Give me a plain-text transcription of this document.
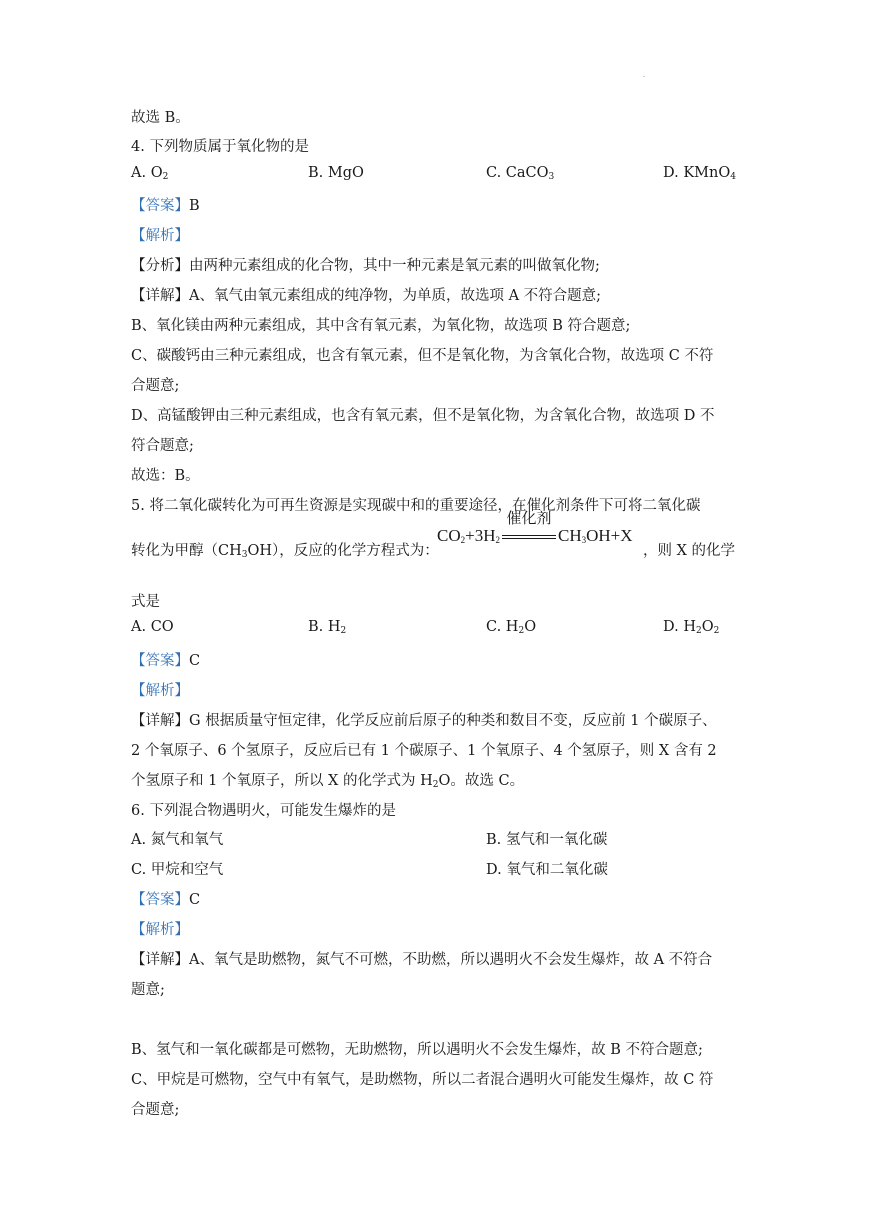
·
故选 B。
4. 下列物质属于氧化物的是
A. $O_2$	B. MgO	C. CaCO$_3$	D. KMnO$_4$
【答案】B
【解析】
【分析】由两种元素组成的化合物，其中一种元素是氧元素的叫做氧化物;
【详解】A、氧气由氧元素组成的纯净物，为单质，故选项 A 不符合题意;
B、氧化镁由两种元素组成，其中含有氧元素，为氧化物，故选项 B 符合题意;
C、碳酸钙由三种元素组成，也含有氧元素，但不是氧化物，为含氧化合物，故选项 C 不符
合题意;
D、高锰酸钾由三种元素组成，也含有氧元素，但不是氧化物，为含氧化合物，故选项 D 不
符合题意;
故选：B。
5. 将二氧化碳转化为可再生资源是实现碳中和的重要途径，在催化剂条件下可将二氧化碳
转化为甲醇$(CH_3OH)$，反应的化学方程式为：
$CO_2+3H_2$
催化剂
$CH_3OH+X$
，则 X 的化学
式是
A. CO	B. $H_2$	C. $H_2O$	D. $H_2O_2$
【答案】C
【解析】
【详解】G 根据质量守恒定律，化学反应前后原子的种类和数目不变，反应前 1 个碳原子、
2 个氧原子、6 个氢原子，反应后已有 1 个碳原子、1 个氧原子、4 个氢原子，则 X 含有 2
个氢原子和 1 个氧原子，所以 X 的化学式为 $H_2O$。故选 C。
6. 下列混合物遇明火，可能发生爆炸的是
A. 氮气和氧气	B. 氢气和一氧化碳
C. 甲烷和空气	D. 氧气和二氧化碳
【答案】C
【解析】
【详解】A、氧气是助燃物，氮气不可燃，不助燃，所以遇明火不会发生爆炸，故 A 不符合
题意;
B、氢气和一氧化碳都是可燃物，无助燃物，所以遇明火不会发生爆炸，故 B 不符合题意;
C、甲烷是可燃物，空气中有氧气，是助燃物，所以二者混合遇明火可能发生爆炸，故 C 符
合题意;
